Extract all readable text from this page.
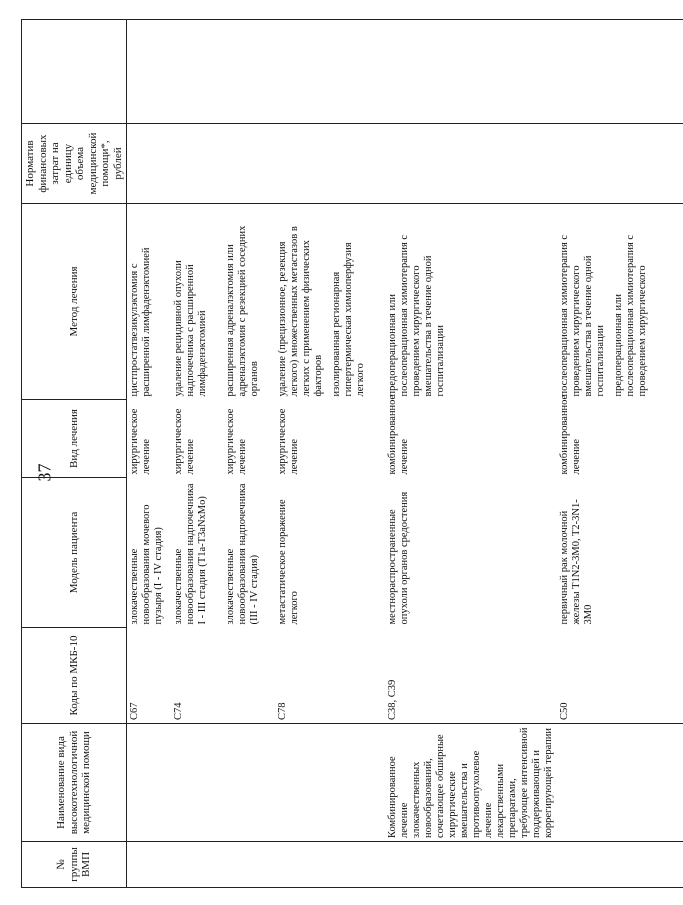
37
№ группы ВМП	Наименование вида высокотехнологичной медицинской помощи	Коды по МКБ-10	Модель пациента	Вид лечения	Метод лечения	Норматив финансовых затрат на единицу объема медицинской помощи*, рублей	
		C67	злокачественные новообразования мочевого пузыря (I - IV стадия)	хирургическое лечение	цистпростатвезикулэктомия с расширенной лимфаденэктомией		

		C74	злокачественные новообразования надпочечника I - III стадия (T1a-T3aNxMo)	хирургическое лечение	удаление рецидивной опухоли надпочечника с расширенной лимфаденэктомией		

			злокачественные новообразования надпочечника (III - IV стадия)	хирургическое лечение	расширенная адреналэктомия или адреналэктомия с резекцией соседних органов		

		C78	метастатическое поражение легкого	хирургическое лечение	удаление (прецизионное, резекция легкого) множественных метастазов в легких с применением физических факторов изолированная регионарная гипертермическая химиоперфузия легкого		

	Комбинированное лечение злокачественных новообразований, сочетающее обширные хирургические вмешательства и противоопухолевое лечение лекарственными препаратами, требующее интенсивной поддерживающей и коррегирующей терапии	C38, C39	местнораспространенные опухоли органов средостения	комбинированное лечение	предоперационная или послеоперационная химиотерапия с проведением хирургического вмешательства в течение одной госпитализации		

		C50	первичный рак молочной железы T1N2-3M0, T2-3N1-3M0	комбинированное лечение	послеоперационная химиотерапия с проведением хирургического вмешательства в течение одной госпитализации предоперационная или послеоперационная химиотерапия с проведением хирургического		
